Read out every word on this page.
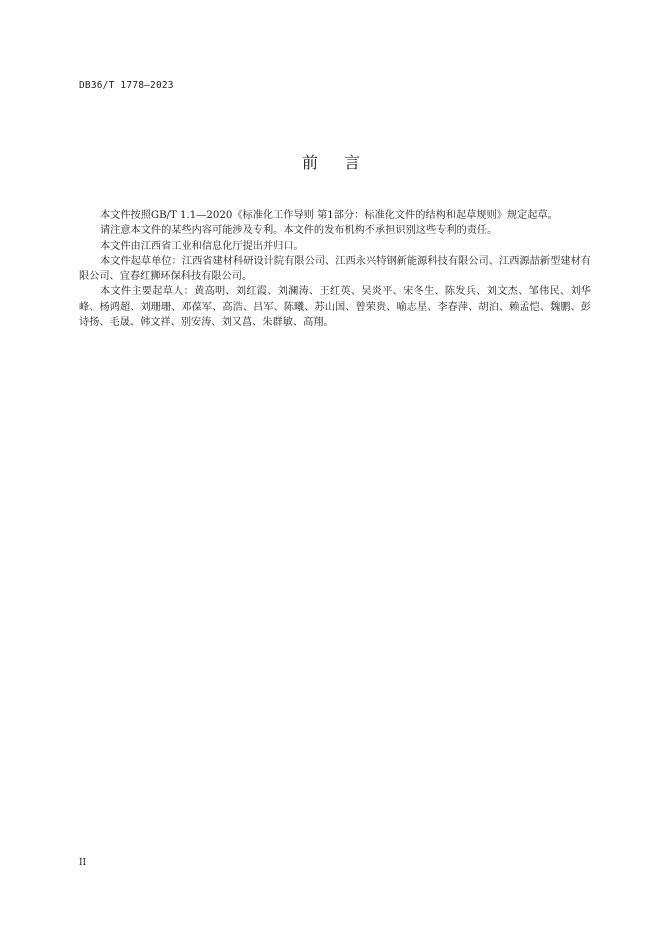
DB36/T 1778—2023
前言

本文件按照GB/T 1.1—2020《标准化工作导则 第1部分：标准化文件的结构和起草规则》规定起草。

请注意本文件的某些内容可能涉及专利。本文件的发布机构不承担识别这些专利的责任。

本文件由江西省工业和信息化厅提出并归口。

本文件起草单位：江西省建材科研设计院有限公司、江西永兴特钢新能源科技有限公司、江西源喆新型建材有限公司、宜春红狮环保科技有限公司。

本文件主要起草人：黄高明、刘红霞、刘澜涛、王红英、吴炎平、宋冬生、陈发兵、刘文杰、邹伟民、刘华峰、杨鸿超、刘珊珊、邓葆军、高浩、吕军、陈曦、苏山国、曾荣贵、喻志星、李春萍、胡泊、赖孟恺、魏鹏、彭诗扬、毛晟、韩文祥、别安涛、刘又菖、朱群敏、高翔。

II
